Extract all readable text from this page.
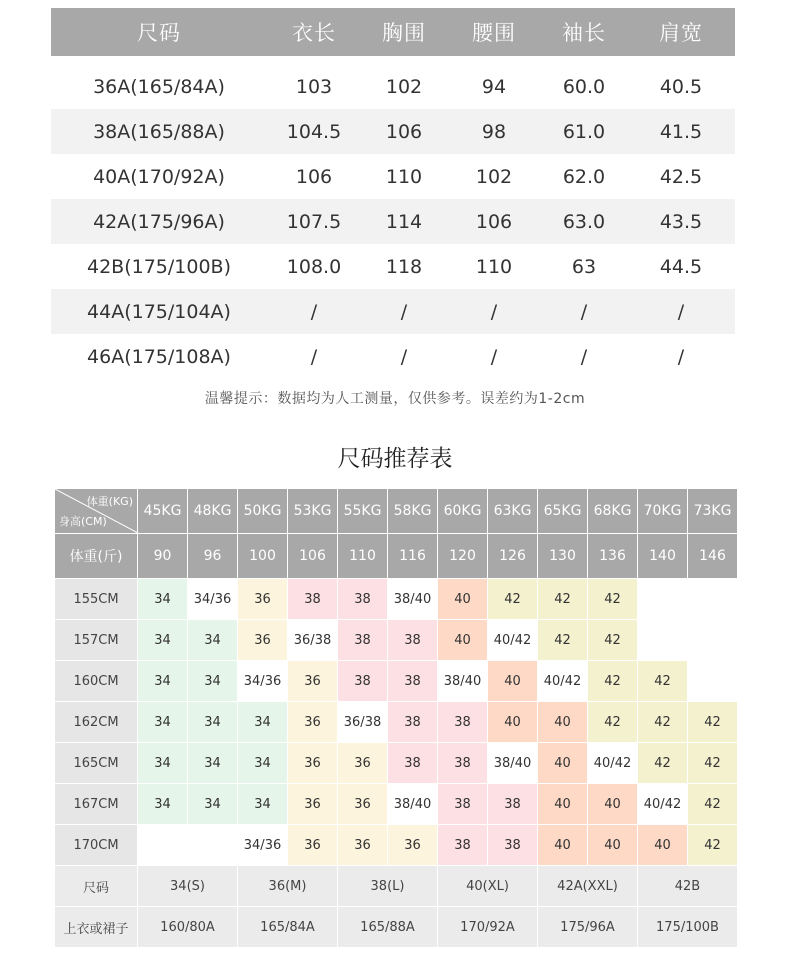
尺码	衣长	胸围	腰围	袖长	肩宽

36A(165/84A)	103	102	94	60.0	40.5
38A(165/88A)	104.5	106	98	61.0	41.5
40A(170/92A)	106	110	102	62.0	42.5
42A(175/96A)	107.5	114	106	63.0	43.5
42B(175/100B)	108.0	118	110	63	44.5
44A(175/104A)	/	/	/	/	/
46A(175/108A)	/	/	/	/	/
温馨提示：数据均为人工测量，仅供参考。误差约为1-2cm
尺码推荐表
体重(KG)
身高(CM)	45KG	48KG	50KG	53KG	55KG	58KG	60KG	63KG	65KG	68KG	70KG	73KG
体重(斤)	90	96	100	106	110	116	120	126	130	136	140	146
155CM	34	34/36	36	38	38	38/40	40	42	42	42		
157CM	34	34	36	36/38	38	38	40	40/42	42	42		
160CM	34	34	34/36	36	38	38	38/40	40	40/42	42	42	
162CM	34	34	34	36	36/38	38	38	40	40	42	42	42
165CM	34	34	34	36	36	38	38	38/40	40	40/42	42	42
167CM	34	34	34	36	36	38/40	38	38	40	40	40/42	42
170CM			34/36	36	36	36	38	38	40	40	40	42
尺码	34(S)		36(M)		38(L)		40(XL)		42A(XXL)		42B	
上衣或裙子	160/80A		165/84A		165/88A		170/92A		175/96A		175/100B	
